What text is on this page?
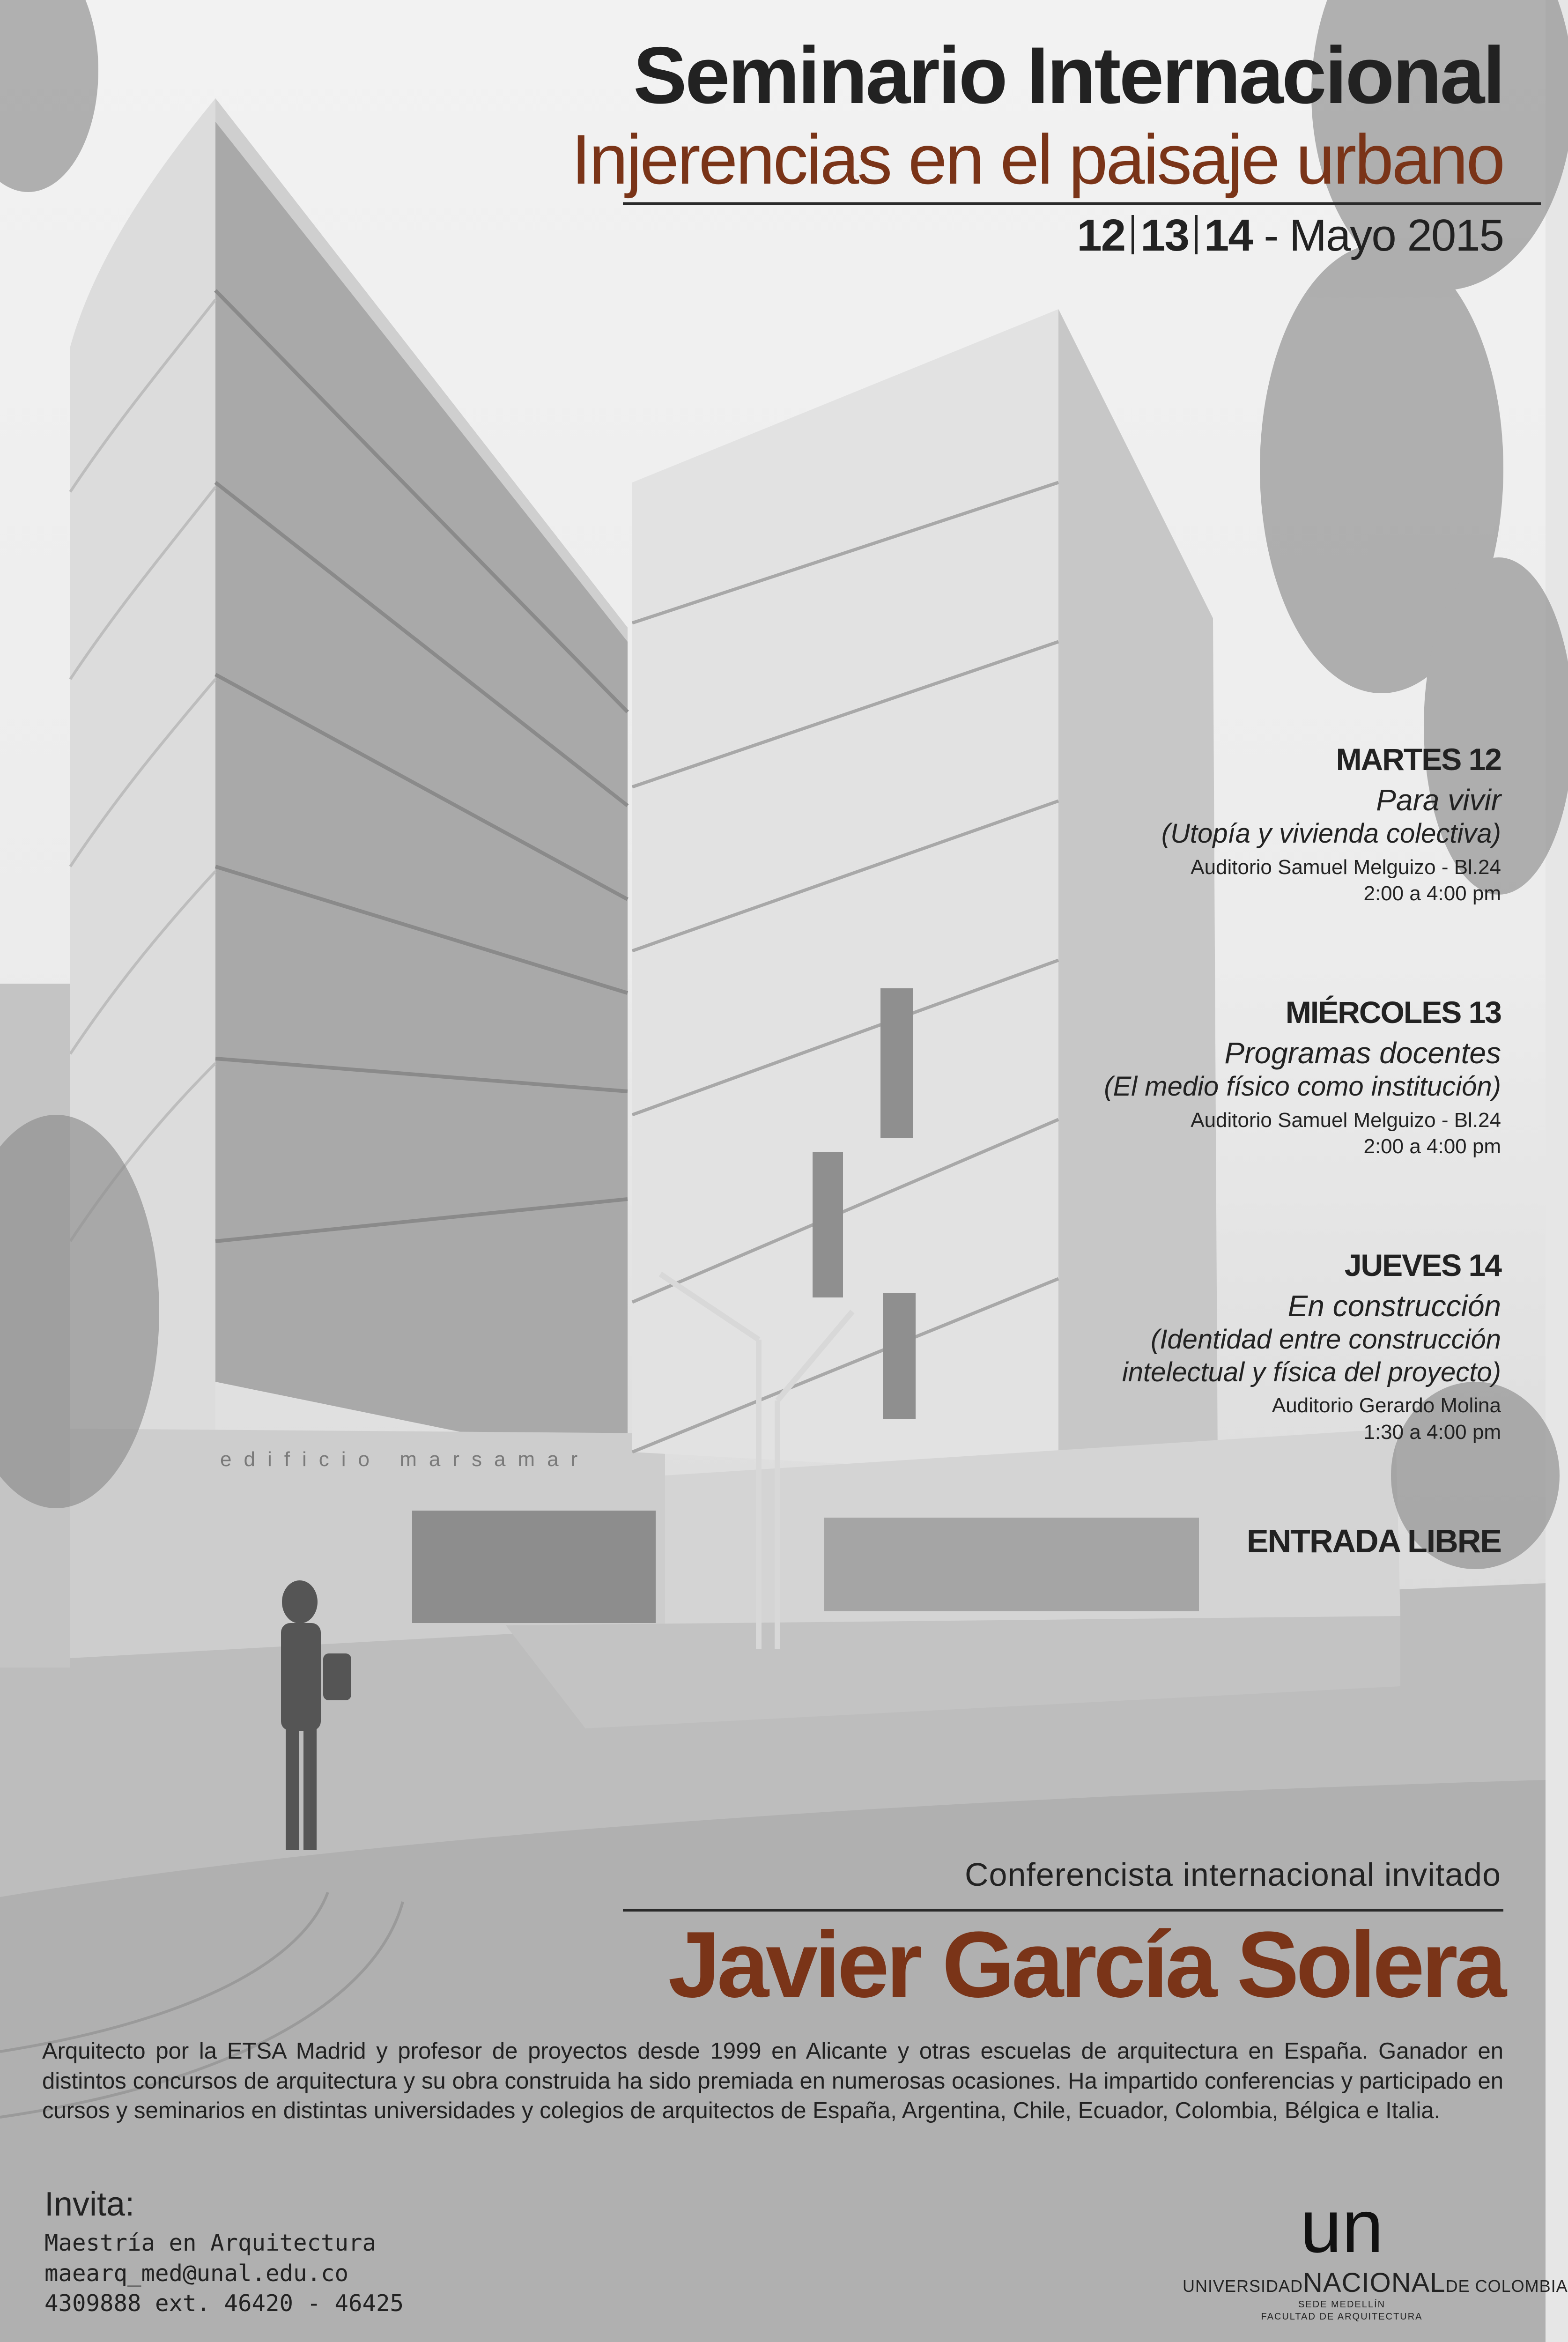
edificio marsamar
Seminario Internacional
Injerencias en el paisaje urbano
12 13 14 - Mayo 2015
MARTES 12
Para vivir
(Utopía y vivienda colectiva)
Auditorio Samuel Melguizo - Bl.24
2:00 a 4:00 pm
MIÉRCOLES 13
Programas docentes
(El medio físico como institución)
Auditorio Samuel Melguizo - Bl.24
2:00 a 4:00 pm
JUEVES 14
En construcción
(Identidad entre construcción
intelectual y física del proyecto)
Auditorio Gerardo Molina
1:30 a 4:00 pm
ENTRADA LIBRE
Conferencista internacional invitado
Javier García Solera
Arquitecto por la ETSA Madrid y profesor de proyectos desde 1999 en Alicante y otras escuelas de arquitectura en España. Ganador en distintos concursos de arquitectura y su obra construida ha sido premiada en numerosas ocasiones. Ha impartido conferencias y participado en cursos y seminarios en distintas universidades y colegios de arquitectos de España, Argentina, Chile, Ecuador, Colombia, Bélgica e Italia.
Invita:
Maestría en Arquitectura
maearq_med@unal.edu.co
4309888 ext. 46420 - 46425
un
UNIVERSIDADNACIONALDE COLOMBIA
SEDE MEDELLÍN
FACULTAD DE ARQUITECTURA
